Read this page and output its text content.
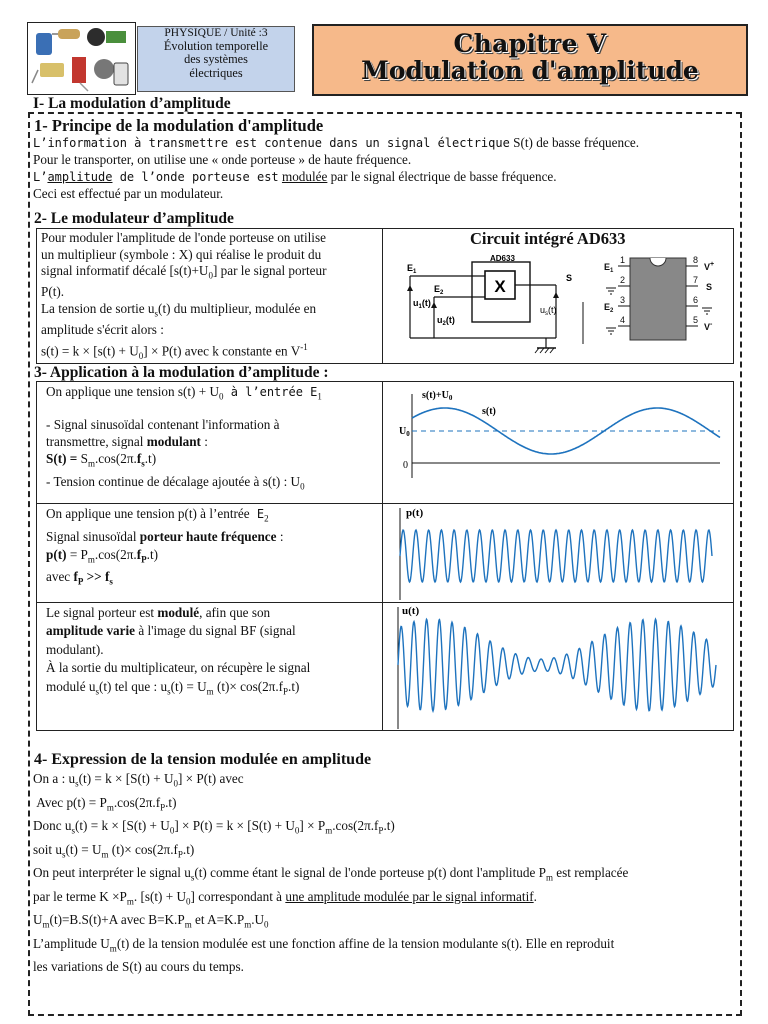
PHYSIQUE / Unité :3
Évolution temporelle
des systèmes
électriques
Chapitre V
Modulation d'amplitude
I- La modulation d’amplitude
1- Principe de la modulation d'amplitude
L’information à transmettre est contenue dans un signal électrique S(t) de basse fréquence.
Pour le transporter, on utilise une « onde porteuse » de haute fréquence.
L’amplitude de l’onde porteuse est modulée par le signal électrique de basse fréquence.
Ceci est effectué par un modulateur.
2- Le modulateur d’amplitude
Pour moduler l'amplitude de l'onde porteuse on utilise
un multiplieur (symbole : X) qui réalise le produit du
signal informatif décalé $[s(t)+U_0]$ par le signal porteur
P(t).
La tension de sortie $u_s(t)$ du multiplieur, modulée en
amplitude s'écrit alors :
$s(t) = k \times [s(t) + U_0] \times P(t)$ avec k constante en $V^{-1}$
Circuit intégré AD633
X
AD633
$E_1$
$E_2$
S
$u_1(t)$
$u_2(t)$
$u_s(t)$
1
2
3
4
8
7
6
5
$E_1$
$E_2$
V+
S
V-
3- Application à la modulation d’amplitude :
On applique une tension $s(t) + U_0$ à l’entrée $E_1$
- Signal sinusoïdal contenant l'information à
transmettre, signal modulant :
$S(t) = S_m.\cos(2\pi.f_s.t)$
- Tension continue de décalage ajoutée à s(t) : $U_0$
$s(t)+U_0$
s(t)
$U_0$
0
On applique une tension p(t) à l’entrée $E_2$
Signal sinusoïdal porteur haute fréquence :
$p(t) = P_m.\cos(2\pi.f_P.t)$
avec $f_P >> f_s$
p(t)
Le signal porteur est modulé, afin que son
amplitude varie à l'image du signal BF (signal
modulant).
À la sortie du multiplicateur, on récupère le signal
modulé $u_s(t)$ tel que : $u_s(t) = U_m$ $(t)\times \cos(2\pi.f_P.t)$
u(t)
4- Expression de la tension modulée en amplitude
On a : $u_s(t) = k \times [S(t) + U_0] \times P(t)$ avec
Avec $p(t) = P_m.\cos(2\pi.f_P.t)$
Donc $u_s(t) = k \times [S(t) + U_0] \times P(t) = k \times [S(t) + U_0] \times P_m.\cos(2\pi.f_P.t)$
soit $u_s(t) = U_m$ $(t)\times \cos(2\pi.f_P.t)$
On peut interpréter le signal $u_s(t)$ comme étant le signal de l'onde porteuse p(t) dont l'amplitude $P_m$ est remplacée
par le terme $K \times P_m$. $[s(t) + U_0]$ correspondant à une amplitude modulée par le signal informatif.
$U_m(t)=B.S(t)+A$ avec $B=K.P_m$ et $A=K.P_m.U_0$
L’amplitude $U_m(t)$ de la tension modulée est une fonction affine de la tension modulante s(t). Elle en reproduit
les variations de S(t) au cours du temps.
